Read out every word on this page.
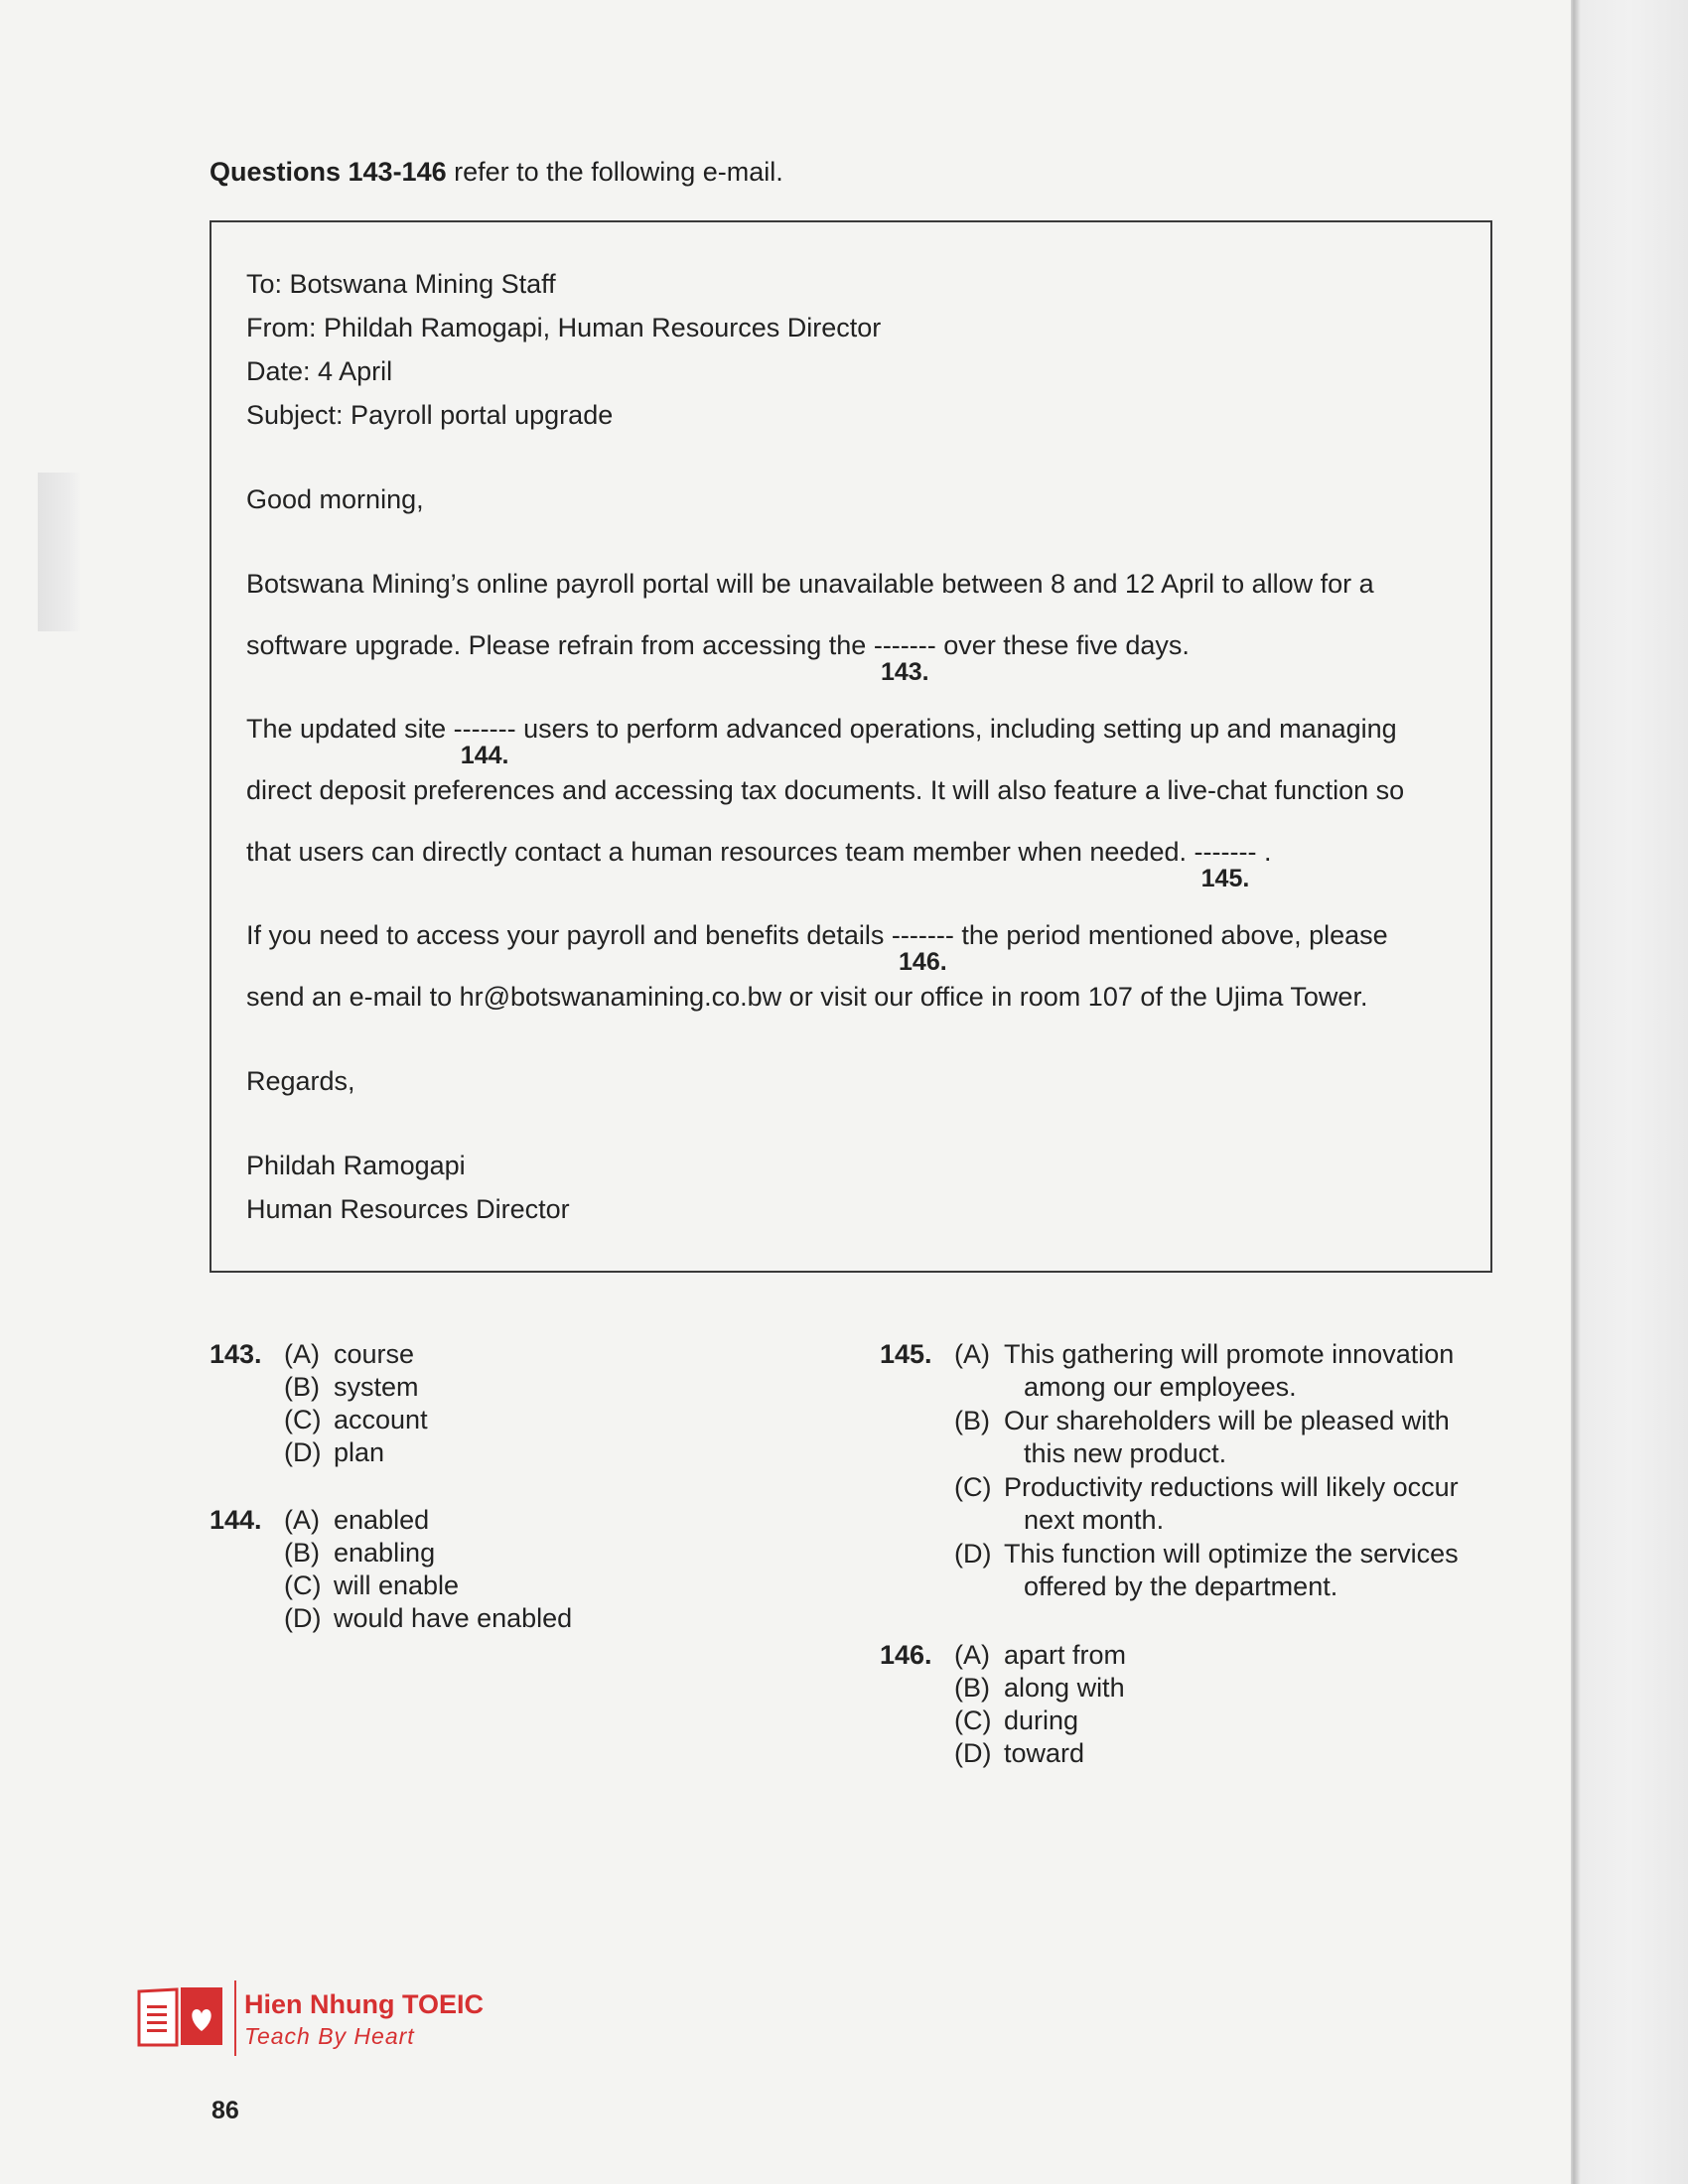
Questions 143-146 refer to the following e-mail.
To: Botswana Mining Staff
From: Phildah Ramogapi, Human Resources Director
Date: 4 April
Subject: Payroll portal upgrade
Good morning,
Botswana Mining’s online payroll portal will be unavailable between 8 and 12 April to allow for a
software upgrade. Please refrain from accessing the -------
143.
over these five days.
The updated site -------
144.
users to perform advanced operations, including setting up and managing
direct deposit preferences and accessing tax documents. It will also feature a live-chat function so
that users can directly contact a human resources team member when needed. -------
145.
.
If you need to access your payroll and benefits details -------
146.
the period mentioned above, please
send an e-mail to hr@botswanamining.co.bw or visit our office in room 107 of the Ujima Tower.
Regards,
Phildah Ramogapi
Human Resources Director
143. (A) course
(B) system
(C) account
(D) plan
144. (A) enabled
(B) enabling
(C) will enable
(D) would have enabled
145. (A) This gathering will promote innovation
among our employees.
(B) Our shareholders will be pleased with
this new product.
(C) Productivity reductions will likely occur
next month.
(D) This function will optimize the services
offered by the department.
146. (A) apart from
(B) along with
(C) during
(D) toward
Hien Nhung TOEIC
Teach By Heart
86
